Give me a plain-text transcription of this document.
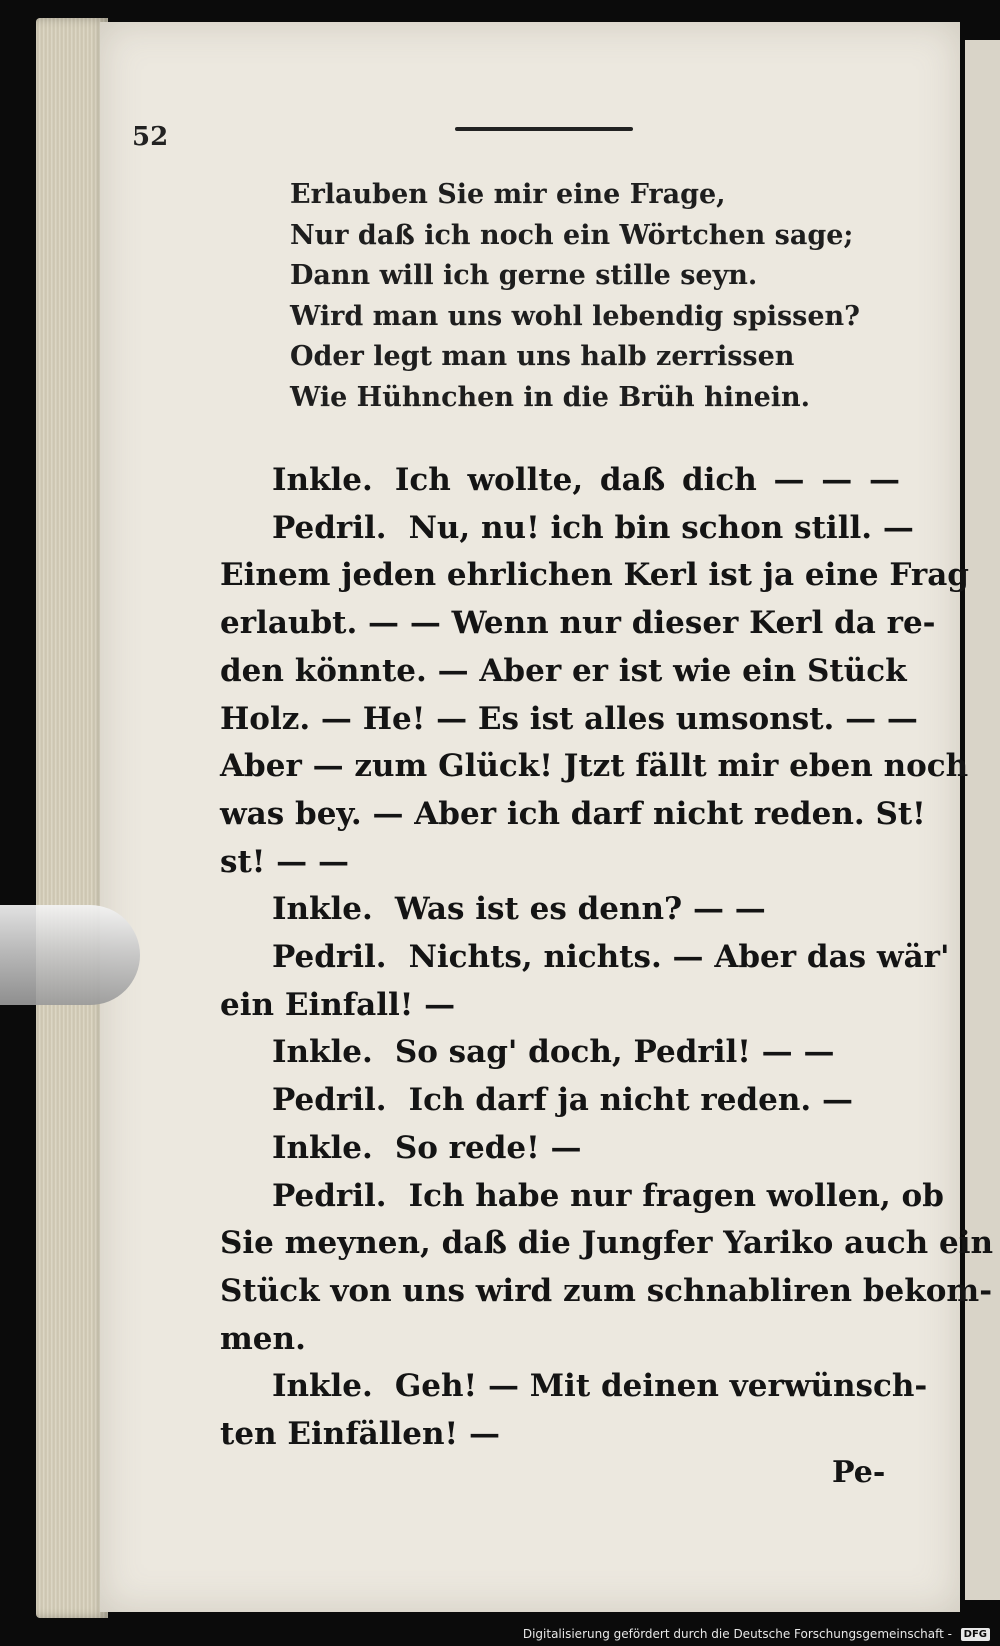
52
Erlauben Sie mir eine Frage,
Nur daß ich noch ein Wörtchen sage;
Dann will ich gerne stille seyn.
Wird man uns wohl lebendig spissen?
Oder legt man uns halb zerrissen
Wie Hühnchen in die Brüh hinein.
Inkle. Ich wollte, daß dich — — —
Pedril. Nu, nu! ich bin schon still. —
Einem jeden ehrlichen Kerl ist ja eine Frag
erlaubt. — — Wenn nur dieser Kerl da re-
den könnte. — Aber er ist wie ein Stück
Holz. — He! — Es ist alles umsonst. — —
Aber — zum Glück! Jtzt fällt mir eben noch
was bey. — Aber ich darf nicht reden. St!
st! — —
Inkle. Was ist es denn? — —
Pedril. Nichts, nichts. — Aber das wär'
ein Einfall! —
Inkle. So sag' doch, Pedril! — —
Pedril. Ich darf ja nicht reden. —
Inkle. So rede! —
Pedril. Ich habe nur fragen wollen, ob
Sie meynen, daß die Jungfer Yariko auch ein
Stück von uns wird zum schnabliren bekom-
men.
Inkle. Geh! — Mit deinen verwünsch-
ten Einfällen! —
Pe-
Digitalisierung gefördert durch die Deutsche Forschungsgemeinschaft -	DFG
